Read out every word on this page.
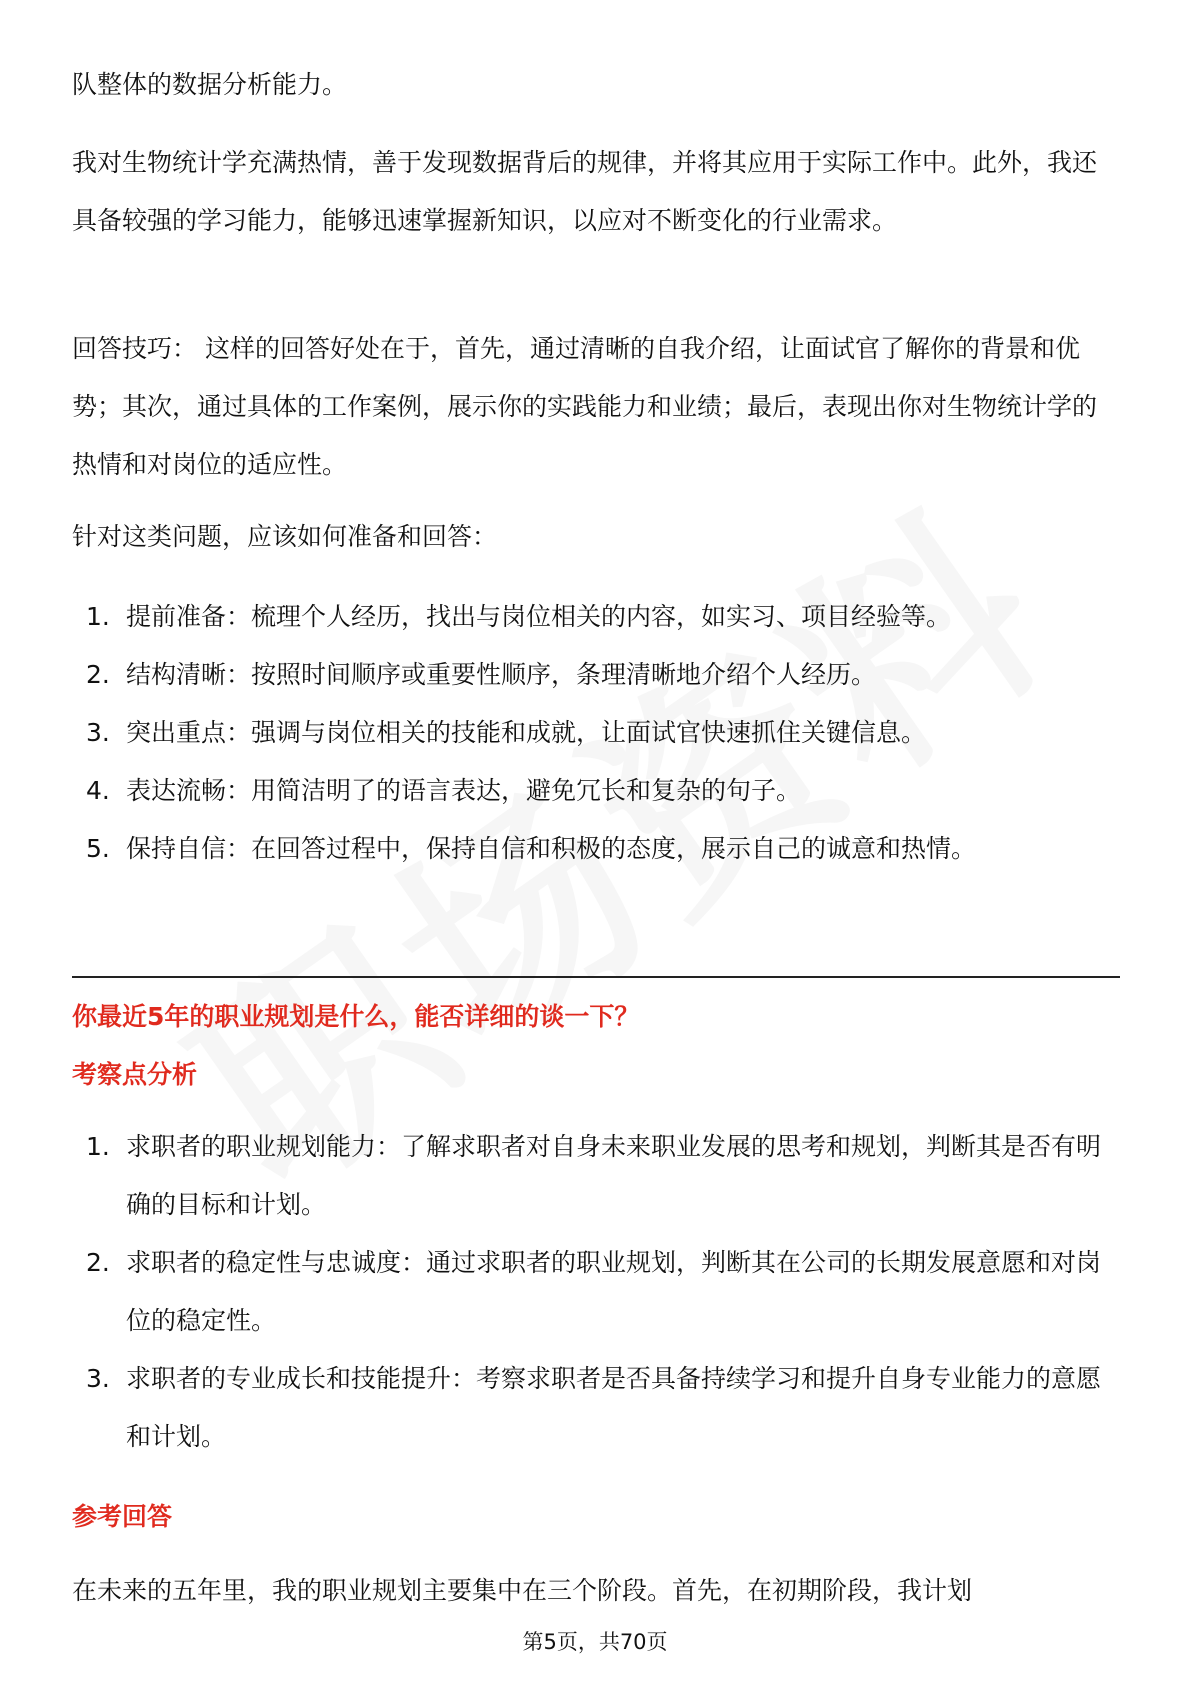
队整体的数据分析能力。

我对生物统计学充满热情，善于发现数据背后的规律，并将其应用于实际工作中。此外，我还具备较强的学习能力，能够迅速掌握新知识，以应对不断变化的行业需求。

回答技巧： 这样的回答好处在于，首先，通过清晰的自我介绍，让面试官了解你的背景和优势；其次，通过具体的工作案例，展示你的实践能力和业绩；最后，表现出你对生物统计学的热情和对岗位的适应性。

针对这类问题，应该如何准备和回答：

1. 提前准备：梳理个人经历，找出与岗位相关的内容，如实习、项目经验等。
2. 结构清晰：按照时间顺序或重要性顺序，条理清晰地介绍个人经历。
3. 突出重点：强调与岗位相关的技能和成就，让面试官快速抓住关键信息。
4. 表达流畅：用简洁明了的语言表达，避免冗长和复杂的句子。
5. 保持自信：在回答过程中，保持自信和积极的态度，展示自己的诚意和热情。
你最近5年的职业规划是什么，能否详细的谈一下？
考察点分析
1. 求职者的职业规划能力：了解求职者对自身未来职业发展的思考和规划，判断其是否有明确的目标和计划。
2. 求职者的稳定性与忠诚度：通过求职者的职业规划，判断其在公司的长期发展意愿和对岗位的稳定性。
3. 求职者的专业成长和技能提升：考察求职者是否具备持续学习和提升自身专业能力的意愿和计划。
参考回答

在未来的五年里，我的职业规划主要集中在三个阶段。首先，在初期阶段，我计划

第5页，共70页
